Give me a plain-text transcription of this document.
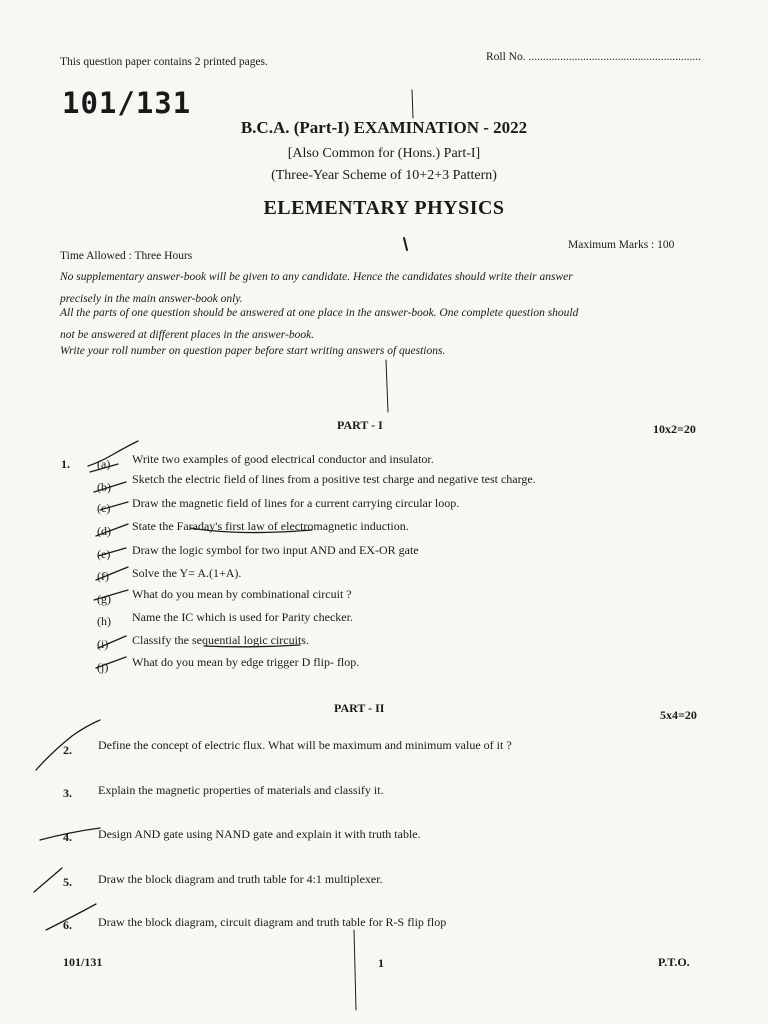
This question paper contains 2 printed pages.	Roll No. ............................................................
101/131
B.C.A. (Part-I) EXAMINATION - 2022
[Also Common for (Hons.) Part-I]
(Three-Year Scheme of 10+2+3 Pattern)
ELEMENTARY PHYSICS
Time Allowed : Three Hours
Maximum Marks : 100
No supplementary answer-book will be given to any candidate. Hence the candidates should write their answer
precisely in the main answer-book only.
All the parts of one question should be answered at one place in the answer-book. One complete question should
not be answered at different places in the answer-book.
Write your roll number on question paper before start writing answers of questions.
PART - I	10x2=20
1. (a) Write two examples of good electrical conductor and insulator.
(b)
Sketch the electric field of lines from a positive test charge and negative test charge.
(c) Draw the magnetic field of lines for a current carrying circular loop.
(d) State the Faraday's first law of electromagnetic induction.
(e) Draw the logic symbol for two input AND and EX-OR gate
(f) Solve the Y= A.(1+A).
(g) What do you mean by combinational circuit ?
(h) Name the IC which is used for Parity checker.
(i) Classify the sequential logic circuits.
(j) What do you mean by edge trigger D flip- flop.
PART - II	5x4=20
2. Define the concept of electric flux. What will be maximum and minimum value of it ?
3. Explain the magnetic properties of materials and classify it.
4. Design AND gate using NAND gate and explain it with truth table.
5. Draw the block diagram and truth table for 4:1 multiplexer.
6. Draw the block diagram, circuit diagram and truth table for R-S flip flop
101/131	1	P.T.O.
